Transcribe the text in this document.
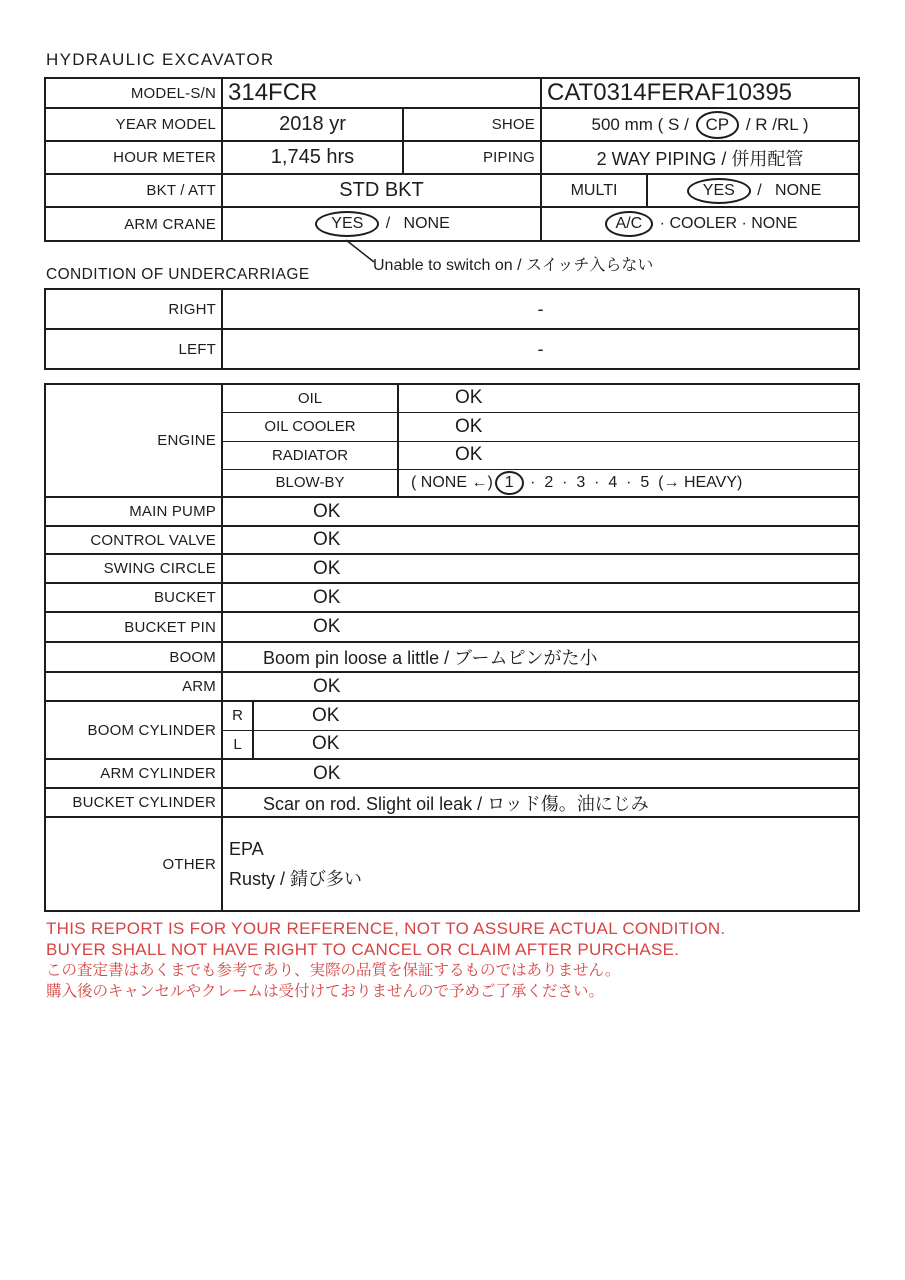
HYDRAULIC EXCAVATOR
MODEL-S/N	314FCR		CAT0314FERAF10395	
YEAR MODEL	2018 yr	SHOE	500 mm ( S / CP / R /RL )	
HOUR METER	1,745 hrs	PIPING	2 WAY PIPING / 併用配管	
BKT / ATT	STD BKT		MULTI	YES /   NONE
ARM CRANE	YES /   NONE		A/C · COOLER · NONE	
Unable to switch on / スイッチ入らない
CONDITION OF UNDERCARRIAGE
RIGHT	-
LEFT	-
ENGINE	OIL		OK
	OIL COOLER		OK
	RADIATOR		OK
	BLOW-BY		( NONE ←) 1 ·  2  ·  3  ·  4  ·  5  (→ HEAVY)
MAIN PUMP	OK		
CONTROL VALVE	OK		
SWING CIRCLE	OK		
BUCKET	OK		
BUCKET PIN	OK		
BOOM	Boom pin loose a little / ブームピンがた小		
ARM	OK		
BOOM CYLINDER	R	OK	
	L	OK	
ARM CYLINDER	OK		
BUCKET CYLINDER	Scar on rod. Slight oil leak / ロッド傷。油にじみ		
OTHER	EPA
Rusty / 錆び多い		
THIS REPORT IS FOR YOUR REFERENCE, NOT TO ASSURE ACTUAL CONDITION.
BUYER SHALL NOT HAVE RIGHT TO CANCEL OR CLAIM AFTER PURCHASE.
この査定書はあくまでも参考であり、実際の品質を保証するものではありません。
購入後のキャンセルやクレームは受付けておりませんので予めご了承ください。
